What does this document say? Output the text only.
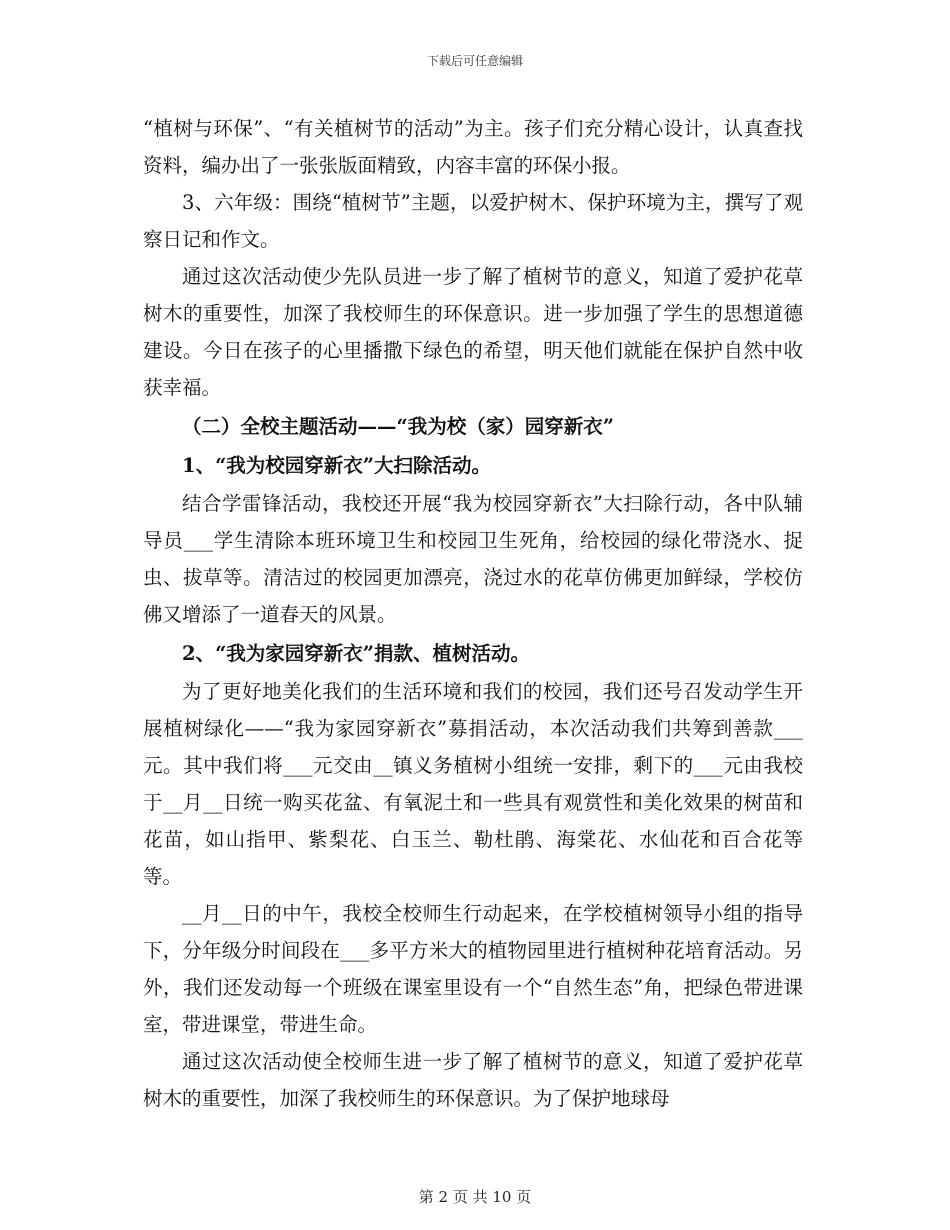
下载后可任意编辑

“植树与环保”、“有关植树节的活动”为主。孩子们充分精心设计，认真查找资料，编办出了一张张版面精致，内容丰富的环保小报。

3、六年级：围绕“植树节”主题，以爱护树木、保护环境为主，撰写了观察日记和作文。

通过这次活动使少先队员进一步了解了植树节的意义，知道了爱护花草树木的重要性，加深了我校师生的环保意识。进一步加强了学生的思想道德建设。今日在孩子的心里播撒下绿色的希望，明天他们就能在保护自然中收获幸福。

（二）全校主题活动——“我为校（家）园穿新衣”

1、“我为校园穿新衣”大扫除活动。

结合学雷锋活动，我校还开展“我为校园穿新衣”大扫除行动，各中队辅导员___学生清除本班环境卫生和校园卫生死角，给校园的绿化带浇水、捉虫、拔草等。清洁过的校园更加漂亮，浇过水的花草仿佛更加鲜绿，学校仿佛又增添了一道春天的风景。

2、“我为家园穿新衣”捐款、植树活动。

为了更好地美化我们的生活环境和我们的校园，我们还号召发动学生开展植树绿化——“我为家园穿新衣”募捐活动，本次活动我们共筹到善款___元。其中我们将___元交由__镇义务植树小组统一安排，剩下的___元由我校于__月__日统一购买花盆、有氧泥土和一些具有观赏性和美化效果的树苗和花苗，如山指甲、紫梨花、白玉兰、勒杜鹃、海棠花、水仙花和百合花等等。

__月__日的中午，我校全校师生行动起来，在学校植树领导小组的指导下，分年级分时间段在___多平方米大的植物园里进行植树种花培育活动。另外，我们还发动每一个班级在课室里设有一个“自然生态”角，把绿色带进课室，带进课堂，带进生命。

通过这次活动使全校师生进一步了解了植树节的意义，知道了爱护花草树木的重要性，加深了我校师生的环保意识。为了保护地球母

第 2 页 共 10 页
